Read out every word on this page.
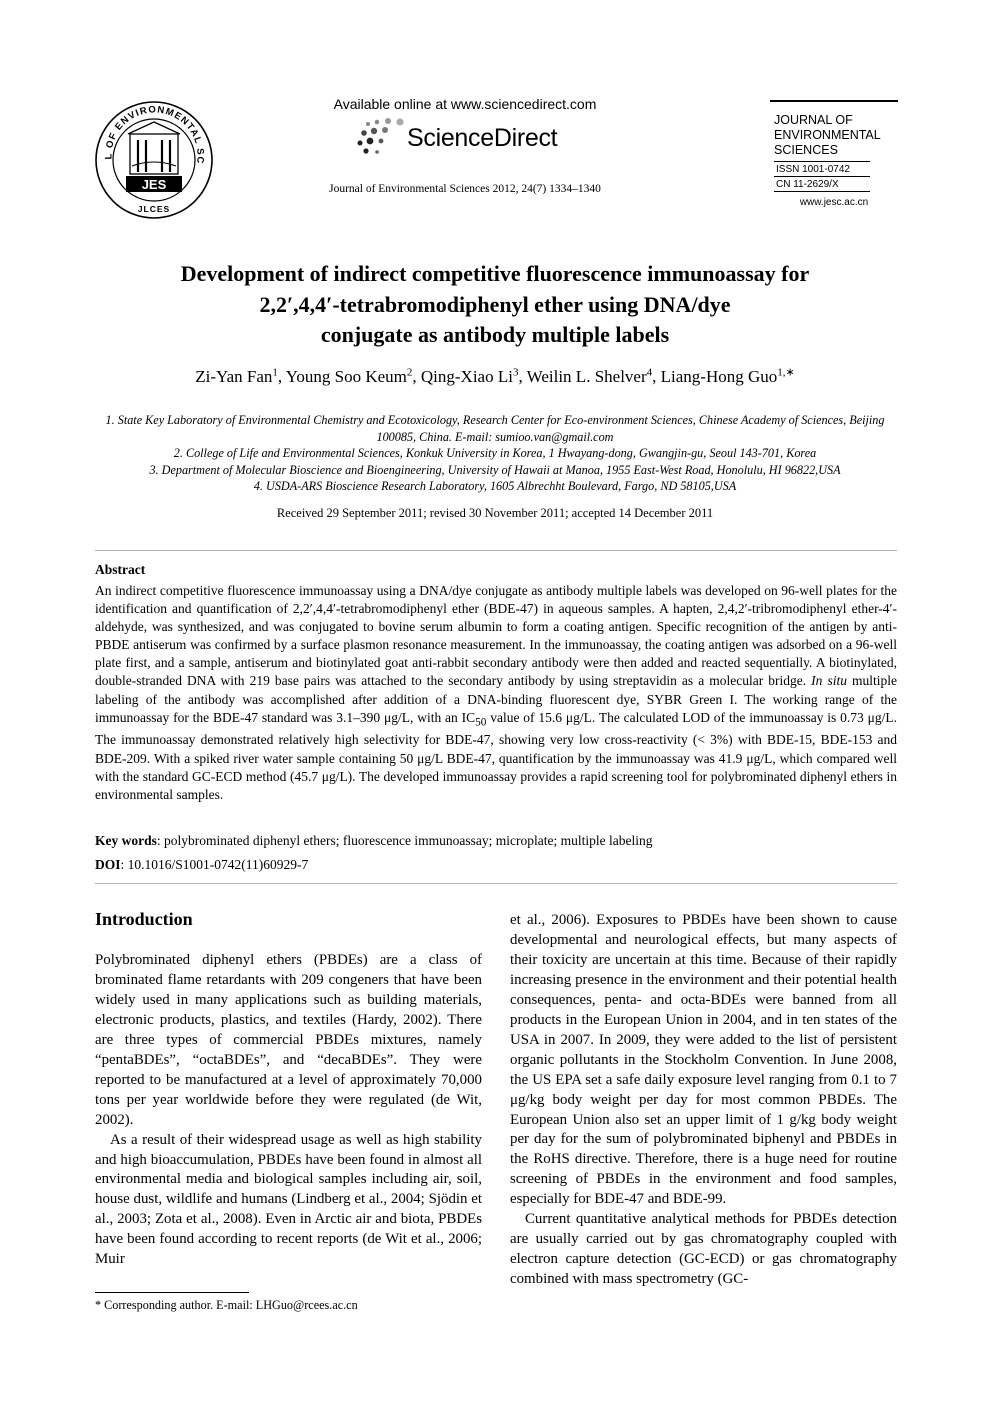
L OF ENVIRONMENTAL SC
JES
JLCES
Available online at www.sciencedirect.com
ScienceDirect
Journal of Environmental Sciences 2012, 24(7) 1334–1340
JOURNAL OF
ENVIRONMENTAL
SCIENCES
ISSN 1001-0742
CN 11-2629/X
www.jesc.ac.cn
Development of indirect competitive fluorescence immunoassay for
2,2′,4,4′-tetrabromodiphenyl ether using DNA/dye
conjugate as antibody multiple labels
Zi-Yan Fan$^1$, Young Soo Keum$^2$, Qing-Xiao Li$^3$, Weilin L. Shelver$^4$, Liang-Hong Guo$^{1,∗}$

1. State Key Laboratory of Environmental Chemistry and Ecotoxicology, Research Center for Eco-environment Sciences, Chinese Academy of Sciences, Beijing 100085, China. E-mail: sumioo.van@gmail.com

2. College of Life and Environmental Sciences, Konkuk University in Korea, 1 Hwayang-dong, Gwangjin-gu, Seoul 143-701, Korea

3. Department of Molecular Bioscience and Bioengineering, University of Hawaii at Manoa, 1955 East-West Road, Honolulu, HI 96822,USA

4. USDA-ARS Bioscience Research Laboratory, 1605 Albrechht Boulevard, Fargo, ND 58105,USA

Received 29 September 2011; revised 30 November 2011; accepted 14 December 2011
Abstract

An indirect competitive fluorescence immunoassay using a DNA/dye conjugate as antibody multiple labels was developed on 96-well plates for the identification and quantification of 2,2′,4,4′-tetrabromodiphenyl ether (BDE-47) in aqueous samples. A hapten, 2,4,2′-tribromodiphenyl ether-4′-aldehyde, was synthesized, and was conjugated to bovine serum albumin to form a coating antigen. Specific recognition of the antigen by anti-PBDE antiserum was confirmed by a surface plasmon resonance measurement. In the immunoassay, the coating antigen was adsorbed on a 96-well plate first, and a sample, antiserum and biotinylated goat anti-rabbit secondary antibody were then added and reacted sequentially. A biotinylated, double-stranded DNA with 219 base pairs was attached to the secondary antibody by using streptavidin as a molecular bridge. In situ multiple labeling of the antibody was accomplished after addition of a DNA-binding fluorescent dye, SYBR Green I. The working range of the immunoassay for the BDE-47 standard was 3.1–390 μg/L, with an $IC_{50}$ value of 15.6 μg/L. The calculated LOD of the immunoassay is 0.73 μg/L. The immunoassay demonstrated relatively high selectivity for BDE-47, showing very low cross-reactivity (< 3%) with BDE-15, BDE-153 and BDE-209. With a spiked river water sample containing 50 μg/L BDE-47, quantification by the immunoassay was 41.9 μg/L, which compared well with the standard GC-ECD method (45.7 μg/L). The developed immunoassay provides a rapid screening tool for polybrominated diphenyl ethers in environmental samples.

Key words: polybrominated diphenyl ethers; fluorescence immunoassay; microplate; multiple labeling
DOI: 10.1016/S1001-0742(11)60929-7
Introduction

Polybrominated diphenyl ethers (PBDEs) are a class of brominated flame retardants with 209 congeners that have been widely used in many applications such as building materials, electronic products, plastics, and textiles (Hardy, 2002). There are three types of commercial PBDEs mixtures, namely “pentaBDEs”, “octaBDEs”, and “decaBDEs”. They were reported to be manufactured at a level of approximately 70,000 tons per year worldwide before they were regulated (de Wit, 2002).

As a result of their widespread usage as well as high stability and high bioaccumulation, PBDEs have been found in almost all environmental media and biological samples including air, soil, house dust, wildlife and humans (Lindberg et al., 2004; Sjödin et al., 2003; Zota et al., 2008). Even in Arctic air and biota, PBDEs have been found according to recent reports (de Wit et al., 2006; Muir

et al., 2006). Exposures to PBDEs have been shown to cause developmental and neurological effects, but many aspects of their toxicity are uncertain at this time. Because of their rapidly increasing presence in the environment and their potential health consequences, penta- and octa-BDEs were banned from all products in the European Union in 2004, and in ten states of the USA in 2007. In 2009, they were added to the list of persistent organic pollutants in the Stockholm Convention. In June 2008, the US EPA set a safe daily exposure level ranging from 0.1 to 7 μg/kg body weight per day for most common PBDEs. The European Union also set an upper limit of 1 g/kg body weight per day for the sum of polybrominated biphenyl and PBDEs in the RoHS directive. Therefore, there is a huge need for routine screening of PBDEs in the environment and food samples, especially for BDE-47 and BDE-99.

Current quantitative analytical methods for PBDEs detection are usually carried out by gas chromatography coupled with electron capture detection (GC-ECD) or gas chromatography combined with mass spectrometry (GC-

* Corresponding author. E-mail: LHGuo@rcees.ac.cn
